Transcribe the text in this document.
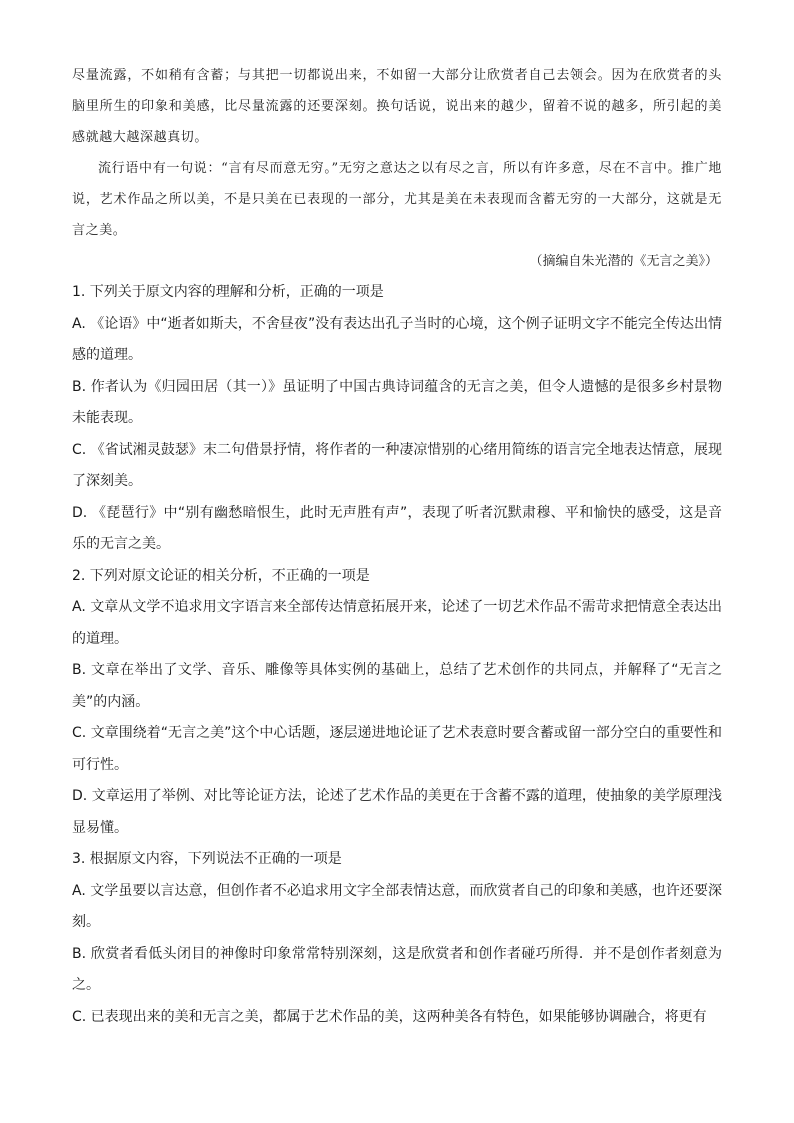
尽量流露，不如稍有含蓄；与其把一切都说出来，不如留一大部分让欣赏者自己去领会。因为在欣赏者的头脑里所生的印象和美感，比尽量流露的还要深刻。换句话说，说出来的越少，留着不说的越多，所引起的美感就越大越深越真切。

流行语中有一句说：“言有尽而意无穷。”无穷之意达之以有尽之言，所以有许多意，尽在不言中。推广地说，艺术作品之所以美，不是只美在已表现的一部分，尤其是美在未表现而含蓄无穷的一大部分，这就是无言之美。

（摘编自朱光潜的《无言之美》）

1. 下列关于原文内容的理解和分析，正确的一项是

A. 《论语》中“逝者如斯夫，不舍昼夜”没有表达出孔子当时的心境，这个例子证明文字不能完全传达出情感的道理。

B. 作者认为《归园田居（其一）》虽证明了中国古典诗词蕴含的无言之美，但令人遗憾的是很多乡村景物未能表现。

C. 《省试湘灵鼓瑟》末二句借景抒情，将作者的一种凄凉惜别的心绪用简练的语言完全地表达情意，展现了深刻美。

D. 《琵琶行》中“别有幽愁暗恨生，此时无声胜有声”，表现了听者沉默肃穆、平和愉快的感受，这是音乐的无言之美。

2. 下列对原文论证的相关分析，不正确的一项是

A. 文章从文学不追求用文字语言来全部传达情意拓展开来，论述了一切艺术作品不需苛求把情意全表达出的道理。

B. 文章在举出了文学、音乐、雕像等具体实例的基础上，总结了艺术创作的共同点，并解释了“无言之美”的内涵。

C. 文章围绕着“无言之美”这个中心话题，逐层递进地论证了艺术表意时要含蓄或留一部分空白的重要性和可行性。

D. 文章运用了举例、对比等论证方法，论述了艺术作品的美更在于含蓄不露的道理，使抽象的美学原理浅显易懂。

3. 根据原文内容，下列说法不正确的一项是

A. 文学虽要以言达意，但创作者不必追求用文字全部表情达意，而欣赏者自己的印象和美感，也许还要深刻。

B. 欣赏者看低头闭目的神像时印象常常特别深刻，这是欣赏者和创作者碰巧所得．并不是创作者刻意为之。

C. 已表现出来的美和无言之美，都属于艺术作品的美，这两种美各有特色，如果能够协调融合，将更有
